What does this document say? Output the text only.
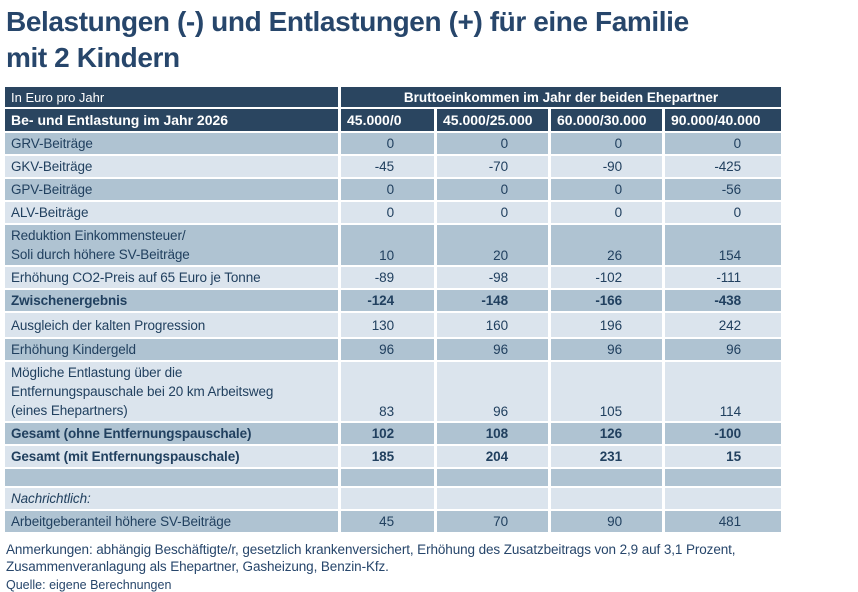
Belastungen (-) und Entlastungen (+) für eine Familie
mit 2 Kindern
In Euro pro Jahr	Bruttoeinkommen im Jahr der beiden Ehepartner			
Be- und Entlastung im Jahr 2026	45.000/0	45.000/25.000	60.000/30.000	90.000/40.000
GRV-Beiträge	0	0	0	0
GKV-Beiträge	-45	-70	-90	-425
GPV-Beiträge	0	0	0	-56
ALV-Beiträge	0	0	0	0
Reduktion Einkommensteuer/
Soli durch höhere SV-Beiträge	10	20	26	154
Erhöhung CO2-Preis auf 65 Euro je Tonne	-89	-98	-102	-111
Zwischenergebnis	-124	-148	-166	-438
Ausgleich der kalten Progression	130	160	196	242
Erhöhung Kindergeld	96	96	96	96
Mögliche Entlastung über die
Entfernungspauschale bei 20 km Arbeitsweg
(eines Ehepartners)	83	96	105	114
Gesamt (ohne Entfernungspauschale)	102	108	126	-100
Gesamt (mit Entfernungspauschale)	185	204	231	15

Nachrichtlich:				
Arbeitgeberanteil höhere SV-Beiträge	45	70	90	481

Anmerkungen: abhängig Beschäftigte/r, gesetzlich krankenversichert, Erhöhung des Zusatzbeitrags von 2,9 auf 3,1 Prozent,
Zusammenveranlagung als Ehepartner, Gasheizung, Benzin-Kfz.

Quelle: eigene Berechnungen
